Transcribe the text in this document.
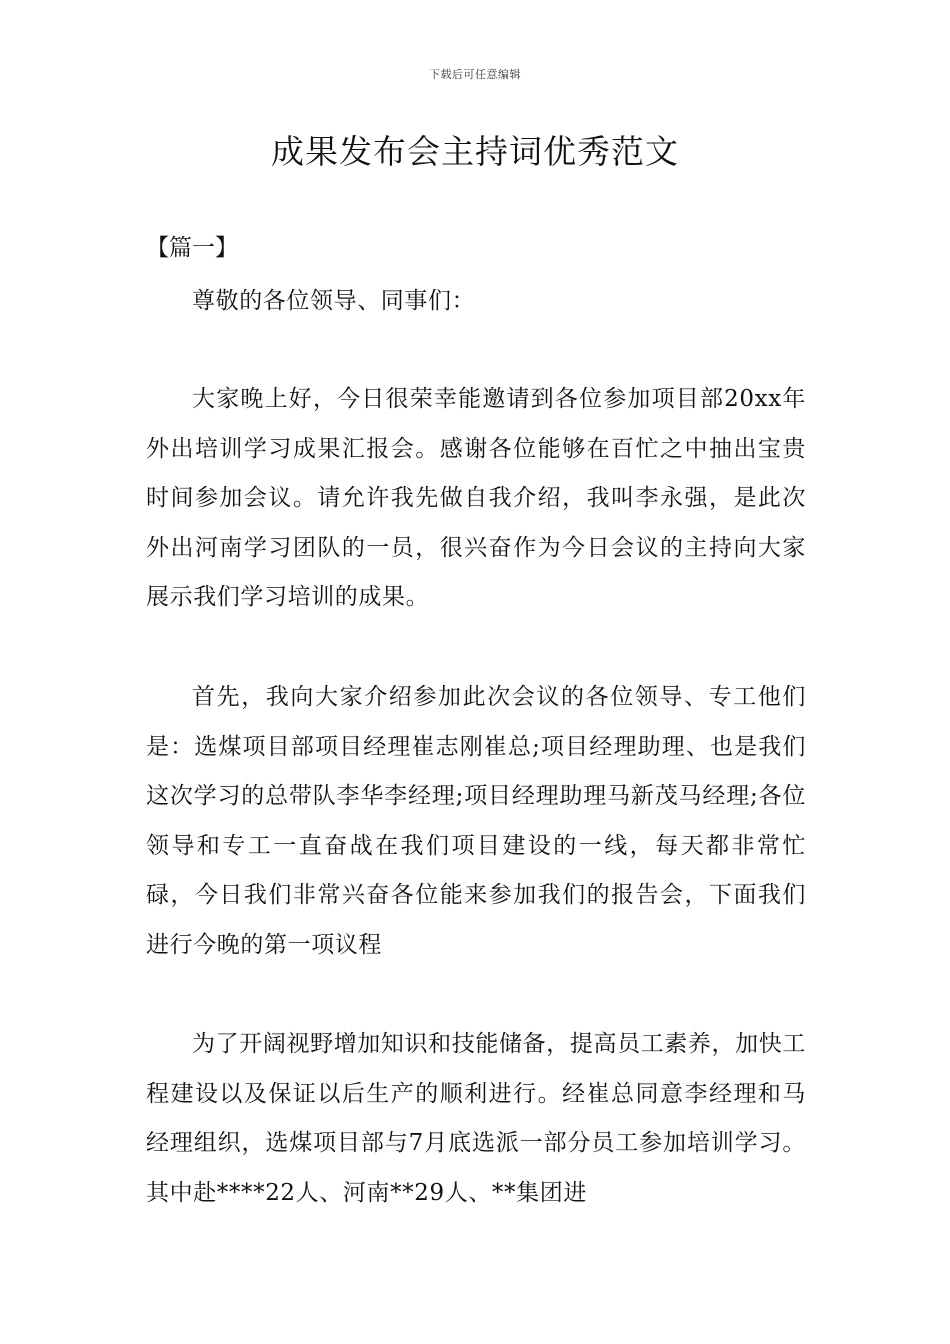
下载后可任意编辑
成果发布会主持词优秀范文
【篇一】

尊敬的各位领导、同事们：

大家晚上好，今日很荣幸能邀请到各位参加项目部20xx年外出培训学习成果汇报会。感谢各位能够在百忙之中抽出宝贵时间参加会议。请允许我先做自我介绍，我叫李永强，是此次外出河南学习团队的一员，很兴奋作为今日会议的主持向大家展示我们学习培训的成果。

首先，我向大家介绍参加此次会议的各位领导、专工他们是：选煤项目部项目经理崔志刚崔总;项目经理助理、也是我们这次学习的总带队李华李经理;项目经理助理马新茂马经理;各位领导和专工一直奋战在我们项目建设的一线，每天都非常忙碌，今日我们非常兴奋各位能来参加我们的报告会，下面我们进行今晚的第一项议程

为了开阔视野增加知识和技能储备，提高员工素养，加快工程建设以及保证以后生产的顺利进行。经崔总同意李经理和马经理组织，选煤项目部与7月底选派一部分员工参加培训学习。其中赴****22人、河南**29人、**集团进
